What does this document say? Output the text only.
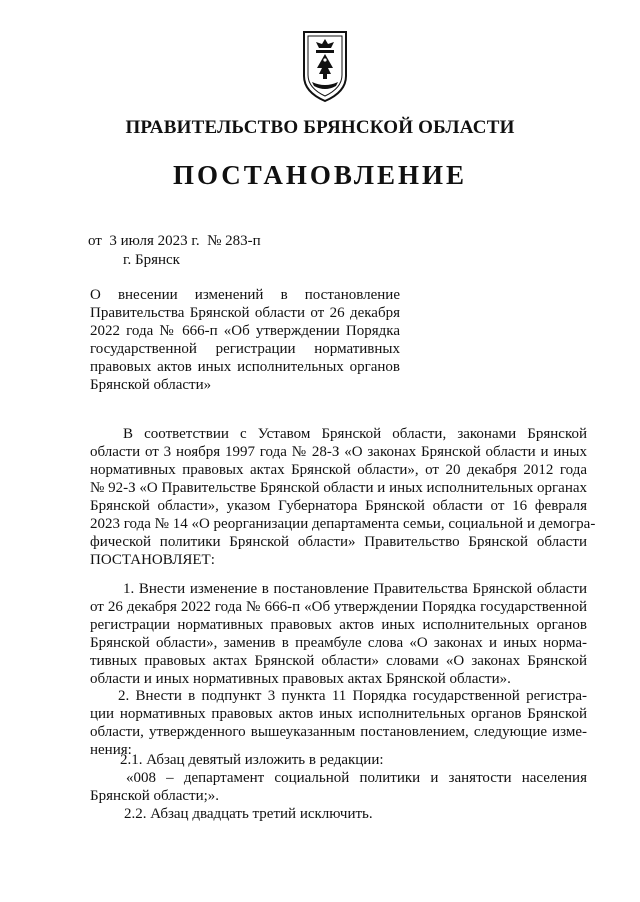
ПРАВИТЕЛЬСТВО БРЯНСКОЙ ОБЛАСТИ
ПОСТАНОВЛЕНИЕ
от  3 июля 2023 г.  № 283-п
г. Брянск
О внесении изменений в постановление
Правительства Брянской области от 26 декабря
2022 года № 666-п «Об утверждении Порядка
государственной регистрации нормативных
правовых актов иных исполнительных органов
Брянской области»
В соответствии с Уставом Брянской области, законами Брянской
области от 3 ноября 1997 года № 28-З «О законах Брянской области и иных
нормативных правовых актах Брянской области», от 20 декабря 2012 года
№ 92-З «О Правительстве Брянской области и иных исполнительных органах
Брянской области», указом Губернатора Брянской области от 16 февраля
2023 года № 14 «О реорганизации департамента семьи, социальной и демогра-
фической политики Брянской области» Правительство Брянской области
ПОСТАНОВЛЯЕТ:
1. Внести изменение в постановление Правительства Брянской области
от 26 декабря 2022 года № 666-п «Об утверждении Порядка государственной
регистрации нормативных правовых актов иных исполнительных органов
Брянской области», заменив в преамбуле слова «О законах и иных норма-
тивных правовых актах Брянской области» словами «О законах Брянской
области и иных нормативных правовых актах Брянской области».
2. Внести в подпункт 3 пункта 11 Порядка государственной регистра-
ции нормативных правовых актов иных исполнительных органов Брянской
области, утвержденного вышеуказанным постановлением, следующие изме-
нения:
2.1. Абзац девятый изложить в редакции:
«008 – департамент социальной политики и занятости населения
Брянской области;».
2.2. Абзац двадцать третий исключить.
